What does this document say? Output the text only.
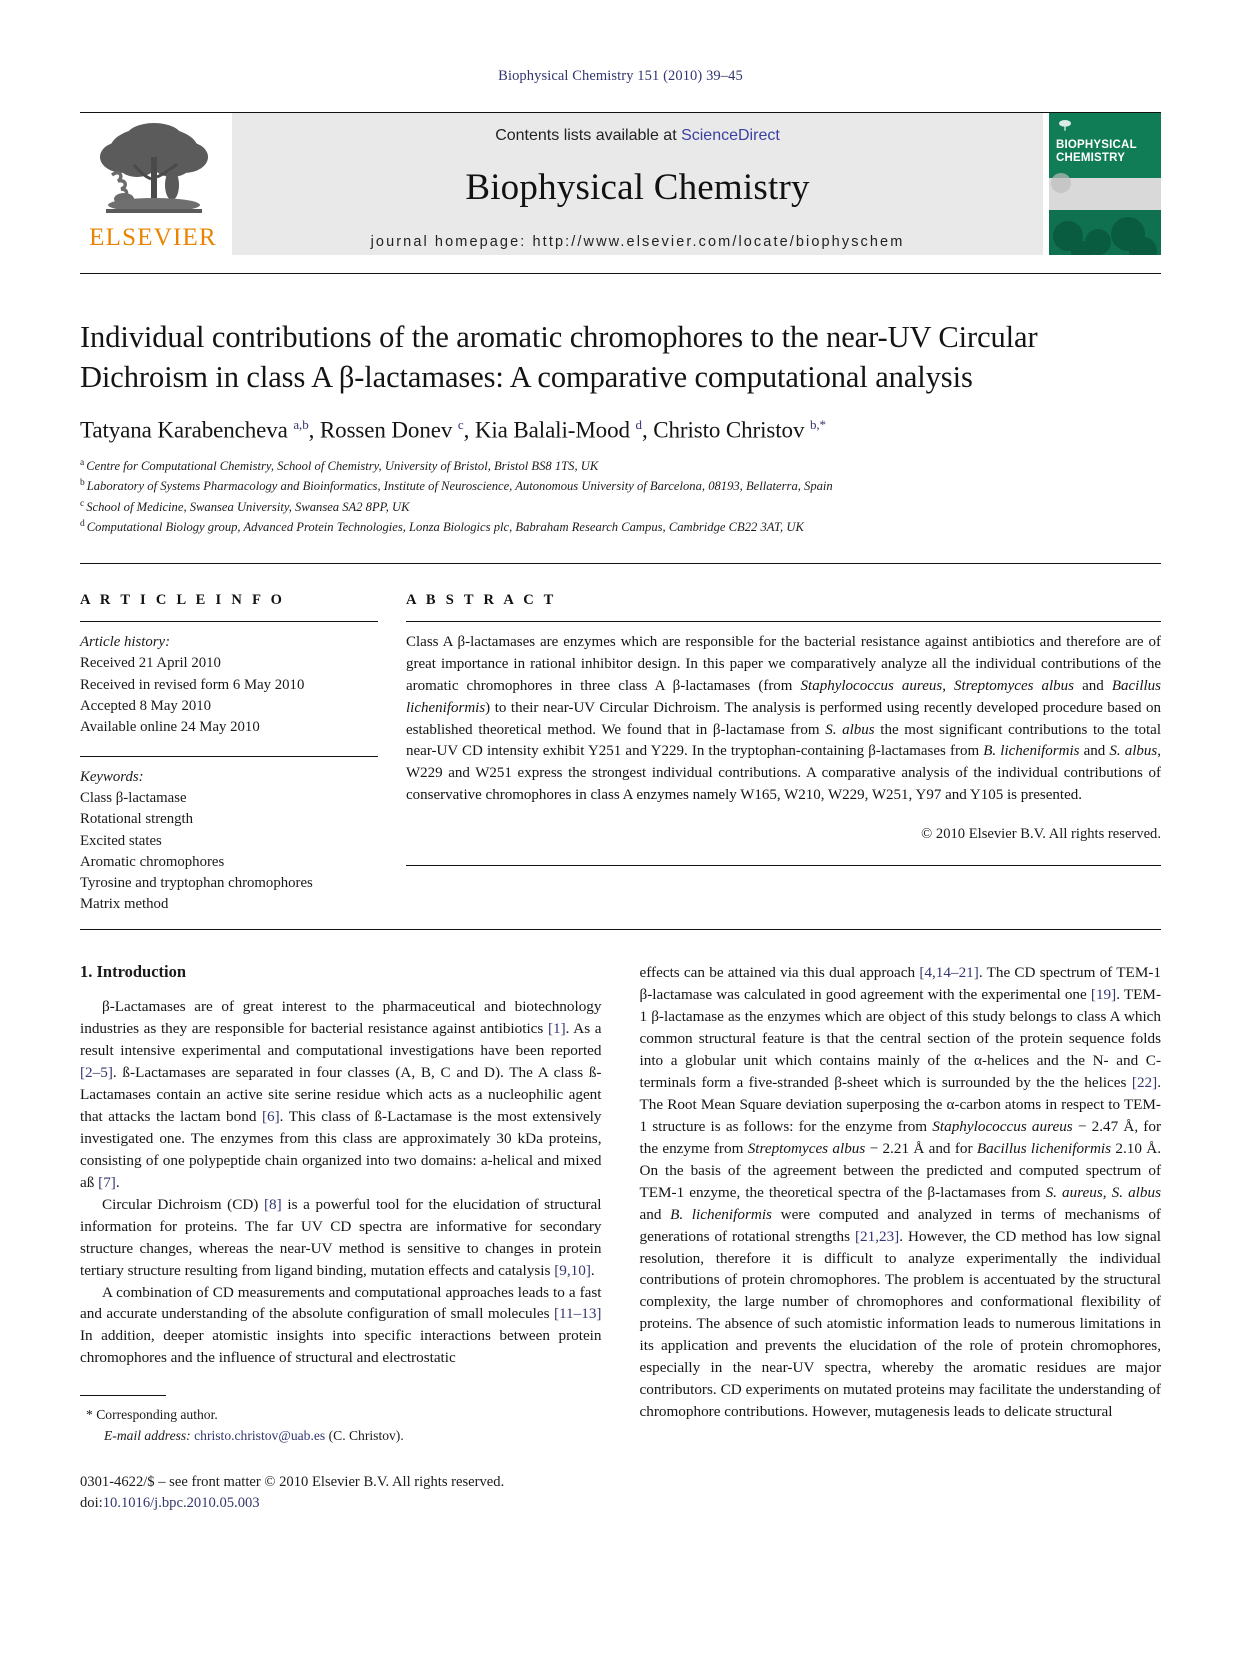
Biophysical Chemistry 151 (2010) 39–45
ELSEVIER
Contents lists available at ScienceDirect
Biophysical Chemistry
journal homepage: http://www.elsevier.com/locate/biophyschem
BIOPHYSICAL
CHEMISTRY
Individual contributions of the aromatic chromophores to the near-UV Circular Dichroism in class A β-lactamases: A comparative computational analysis
Tatyana Karabencheva $^{a,b}$, Rossen Donev $^c$, Kia Balali-Mood $^d$, Christo Christov $^{b,*}$
$^a$ Centre for Computational Chemistry, School of Chemistry, University of Bristol, Bristol BS8 1TS, UK
$^b$ Laboratory of Systems Pharmacology and Bioinformatics, Institute of Neuroscience, Autonomous University of Barcelona, 08193, Bellaterra, Spain
$^c$ School of Medicine, Swansea University, Swansea SA2 8PP, UK
$^d$ Computational Biology group, Advanced Protein Technologies, Lonza Biologics plc, Babraham Research Campus, Cambridge CB22 3AT, UK
A R T I C L E I N F O
Article history:
Received 21 April 2010
Received in revised form 6 May 2010
Accepted 8 May 2010
Available online 24 May 2010
Keywords:
Class β-lactamase
Rotational strength
Excited states
Aromatic chromophores
Tyrosine and tryptophan chromophores
Matrix method
A B S T R A C T
Class A β-lactamases are enzymes which are responsible for the bacterial resistance against antibiotics and therefore are of great importance in rational inhibitor design. In this paper we comparatively analyze all the individual contributions of the aromatic chromophores in three class A β-lactamases (from Staphylococcus aureus, Streptomyces albus and Bacillus licheniformis) to their near-UV Circular Dichroism. The analysis is performed using recently developed procedure based on established theoretical method. We found that in β-lactamase from S. albus the most significant contributions to the total near-UV CD intensity exhibit Y251 and Y229. In the tryptophan-containing β-lactamases from B. licheniformis and S. albus, W229 and W251 express the strongest individual contributions. A comparative analysis of the individual contributions of conservative chromophores in class A enzymes namely W165, W210, W229, W251, Y97 and Y105 is presented.
© 2010 Elsevier B.V. All rights reserved.
1. Introduction

β-Lactamases are of great interest to the pharmaceutical and biotechnology industries as they are responsible for bacterial resistance against antibiotics [1]. As a result intensive experimental and computational investigations have been reported [2–5]. ß-Lactamases are separated in four classes (A, B, C and D). The A class ß-Lactamases contain an active site serine residue which acts as a nucleophilic agent that attacks the lactam bond [6]. This class of ß-Lactamase is the most extensively investigated one. The enzymes from this class are approximately 30 kDa proteins, consisting of one polypeptide chain organized into two domains: a-helical and mixed aß [7].

Circular Dichroism (CD) [8] is a powerful tool for the elucidation of structural information for proteins. The far UV CD spectra are informative for secondary structure changes, whereas the near-UV method is sensitive to changes in protein tertiary structure resulting from ligand binding, mutation effects and catalysis [9,10].

A combination of CD measurements and computational approaches leads to a fast and accurate understanding of the absolute configuration of small molecules [11–13] In addition, deeper atomistic insights into specific interactions between protein chromophores and the influence of structural and electrostatic

* Corresponding author.
E-mail address: christo.christov@uab.es (C. Christov).
0301-4622/$ – see front matter © 2010 Elsevier B.V. All rights reserved.
doi:10.1016/j.bpc.2010.05.003

effects can be attained via this dual approach [4,14–21]. The CD spectrum of TEM-1 β-lactamase was calculated in good agreement with the experimental one [19]. TEM-1 β-lactamase as the enzymes which are object of this study belongs to class A which common structural feature is that the central section of the protein sequence folds into a globular unit which contains mainly of the α-helices and the N- and C-terminals form a five-stranded β-sheet which is surrounded by the the helices [22]. The Root Mean Square deviation superposing the α-carbon atoms in respect to TEM-1 structure is as follows: for the enzyme from Staphylococcus aureus − 2.47 Å, for the enzyme from Streptomyces albus − 2.21 Å and for Bacillus licheniformis 2.10 Å. On the basis of the agreement between the predicted and computed spectrum of TEM-1 enzyme, the theoretical spectra of the β-lactamases from S. aureus, S. albus and B. licheniformis were computed and analyzed in terms of mechanisms of generations of rotational strengths [21,23]. However, the CD method has low signal resolution, therefore it is difficult to analyze experimentally the individual contributions of protein chromophores. The problem is accentuated by the structural complexity, the large number of chromophores and conformational flexibility of proteins. The absence of such atomistic information leads to numerous limitations in its application and prevents the elucidation of the role of protein chromophores, especially in the near-UV spectra, whereby the aromatic residues are major contributors. CD experiments on mutated proteins may facilitate the understanding of chromophore contributions. However, mutagenesis leads to delicate structural
